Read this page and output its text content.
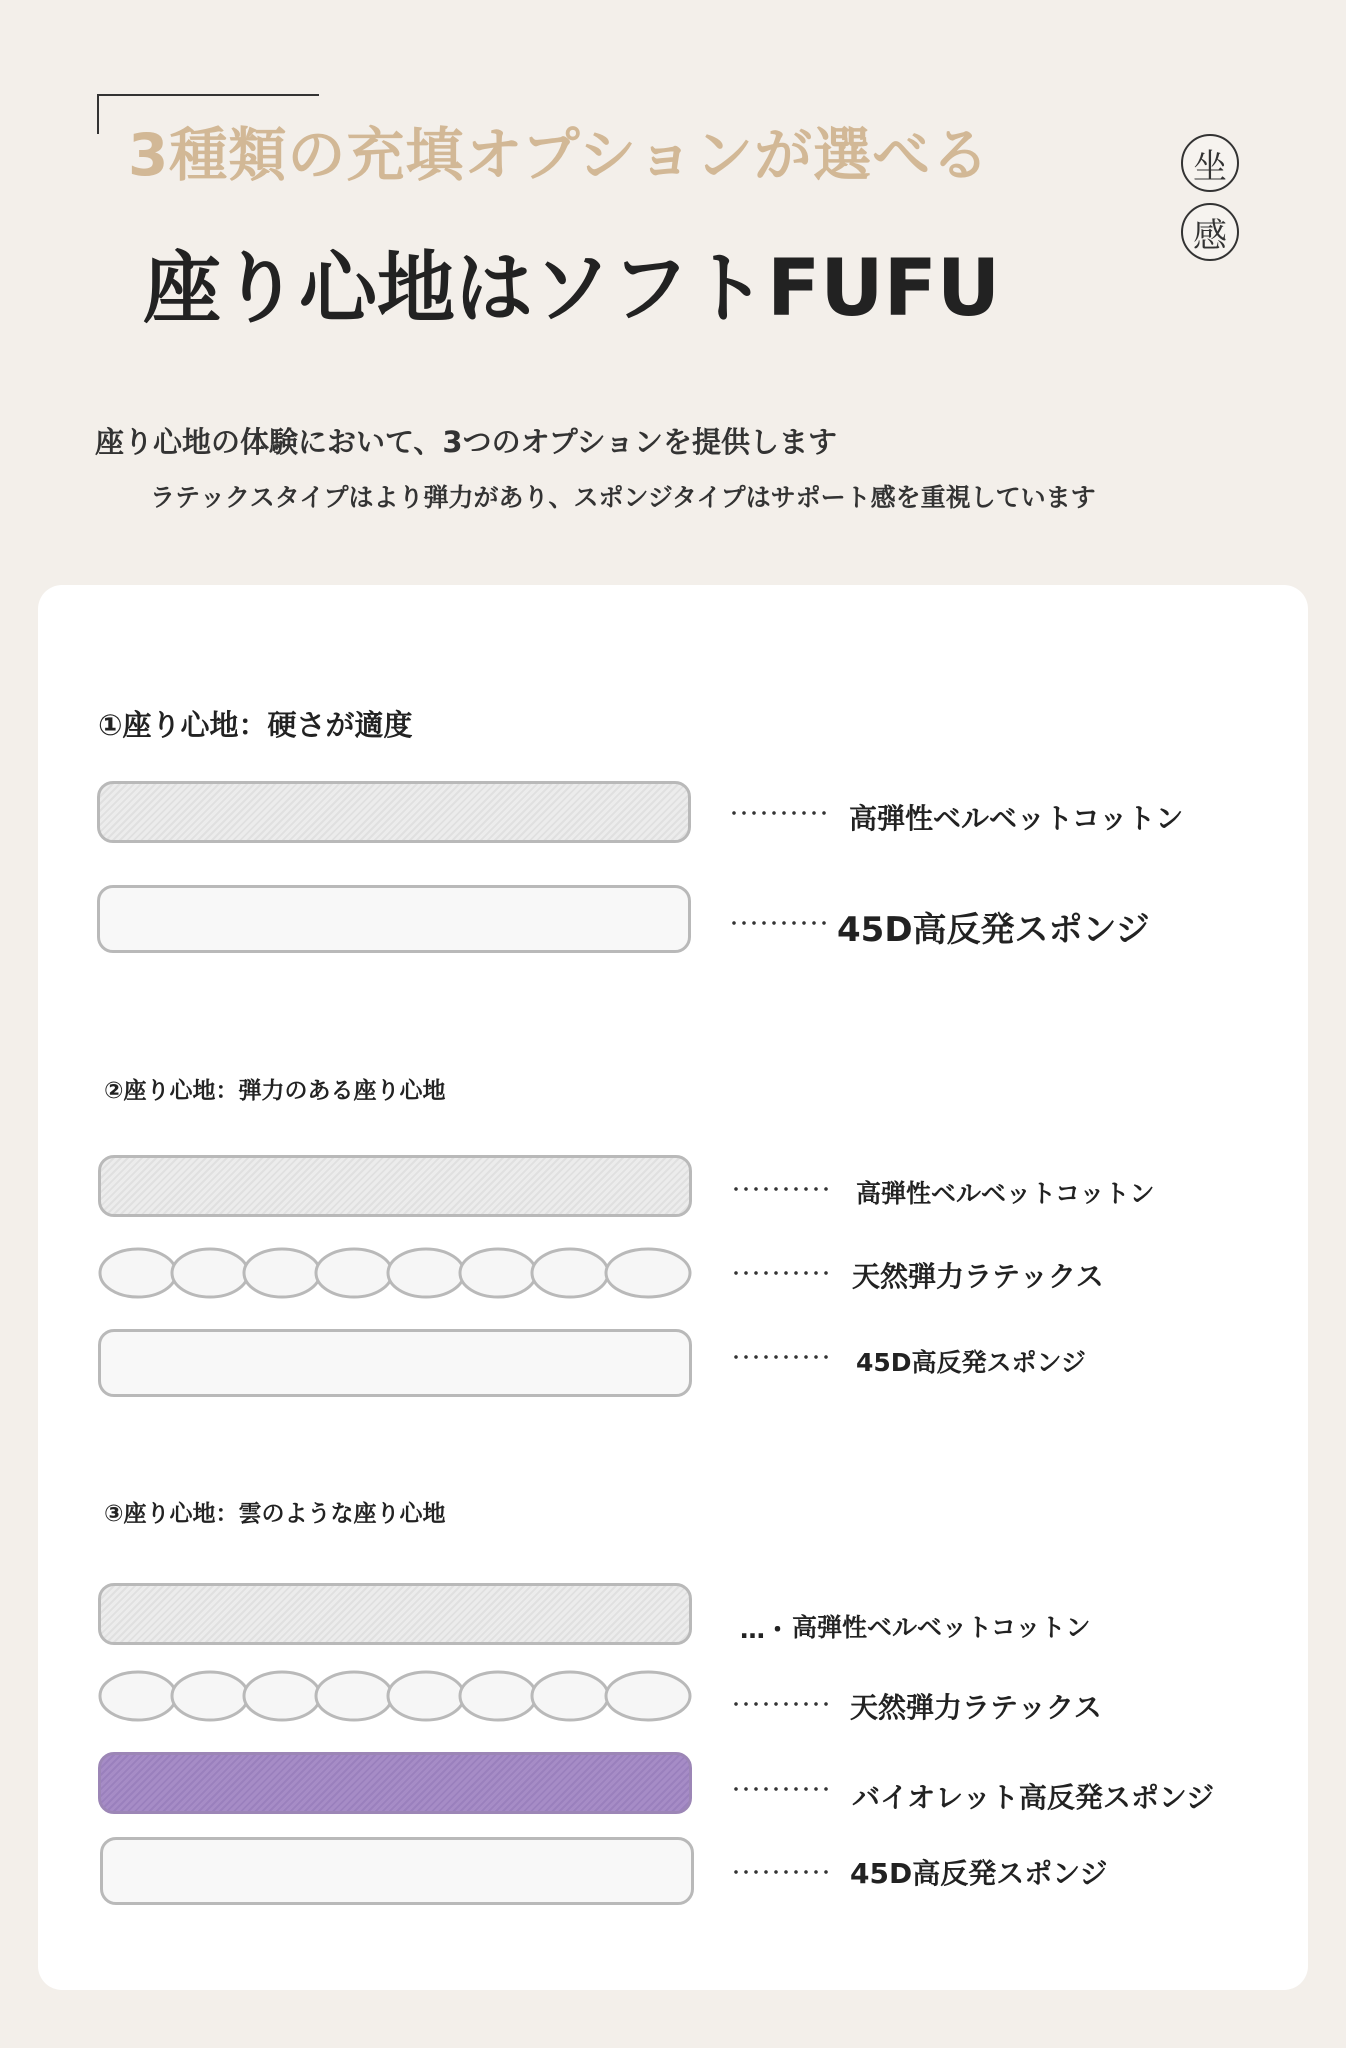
3種類の充填オプションが選べる
座り心地はソフトFUFU
坐
感
座り心地の体験において、3つのオプションを提供します
ラテックスタイプはより弾力があり、スポンジタイプはサポート感を重視しています
①座り心地：硬さが適度
高弾性ベルベットコットン
45D高反発スポンジ
②座り心地：弾力のある座り心地
高弾性ベルベットコットン
天然弾力ラテックス
45D高反発スポンジ
③座り心地：雲のような座り心地
…・ 高弾性ベルベットコットン
天然弾力ラテックス
バイオレット高反発スポンジ
45D高反発スポンジ
